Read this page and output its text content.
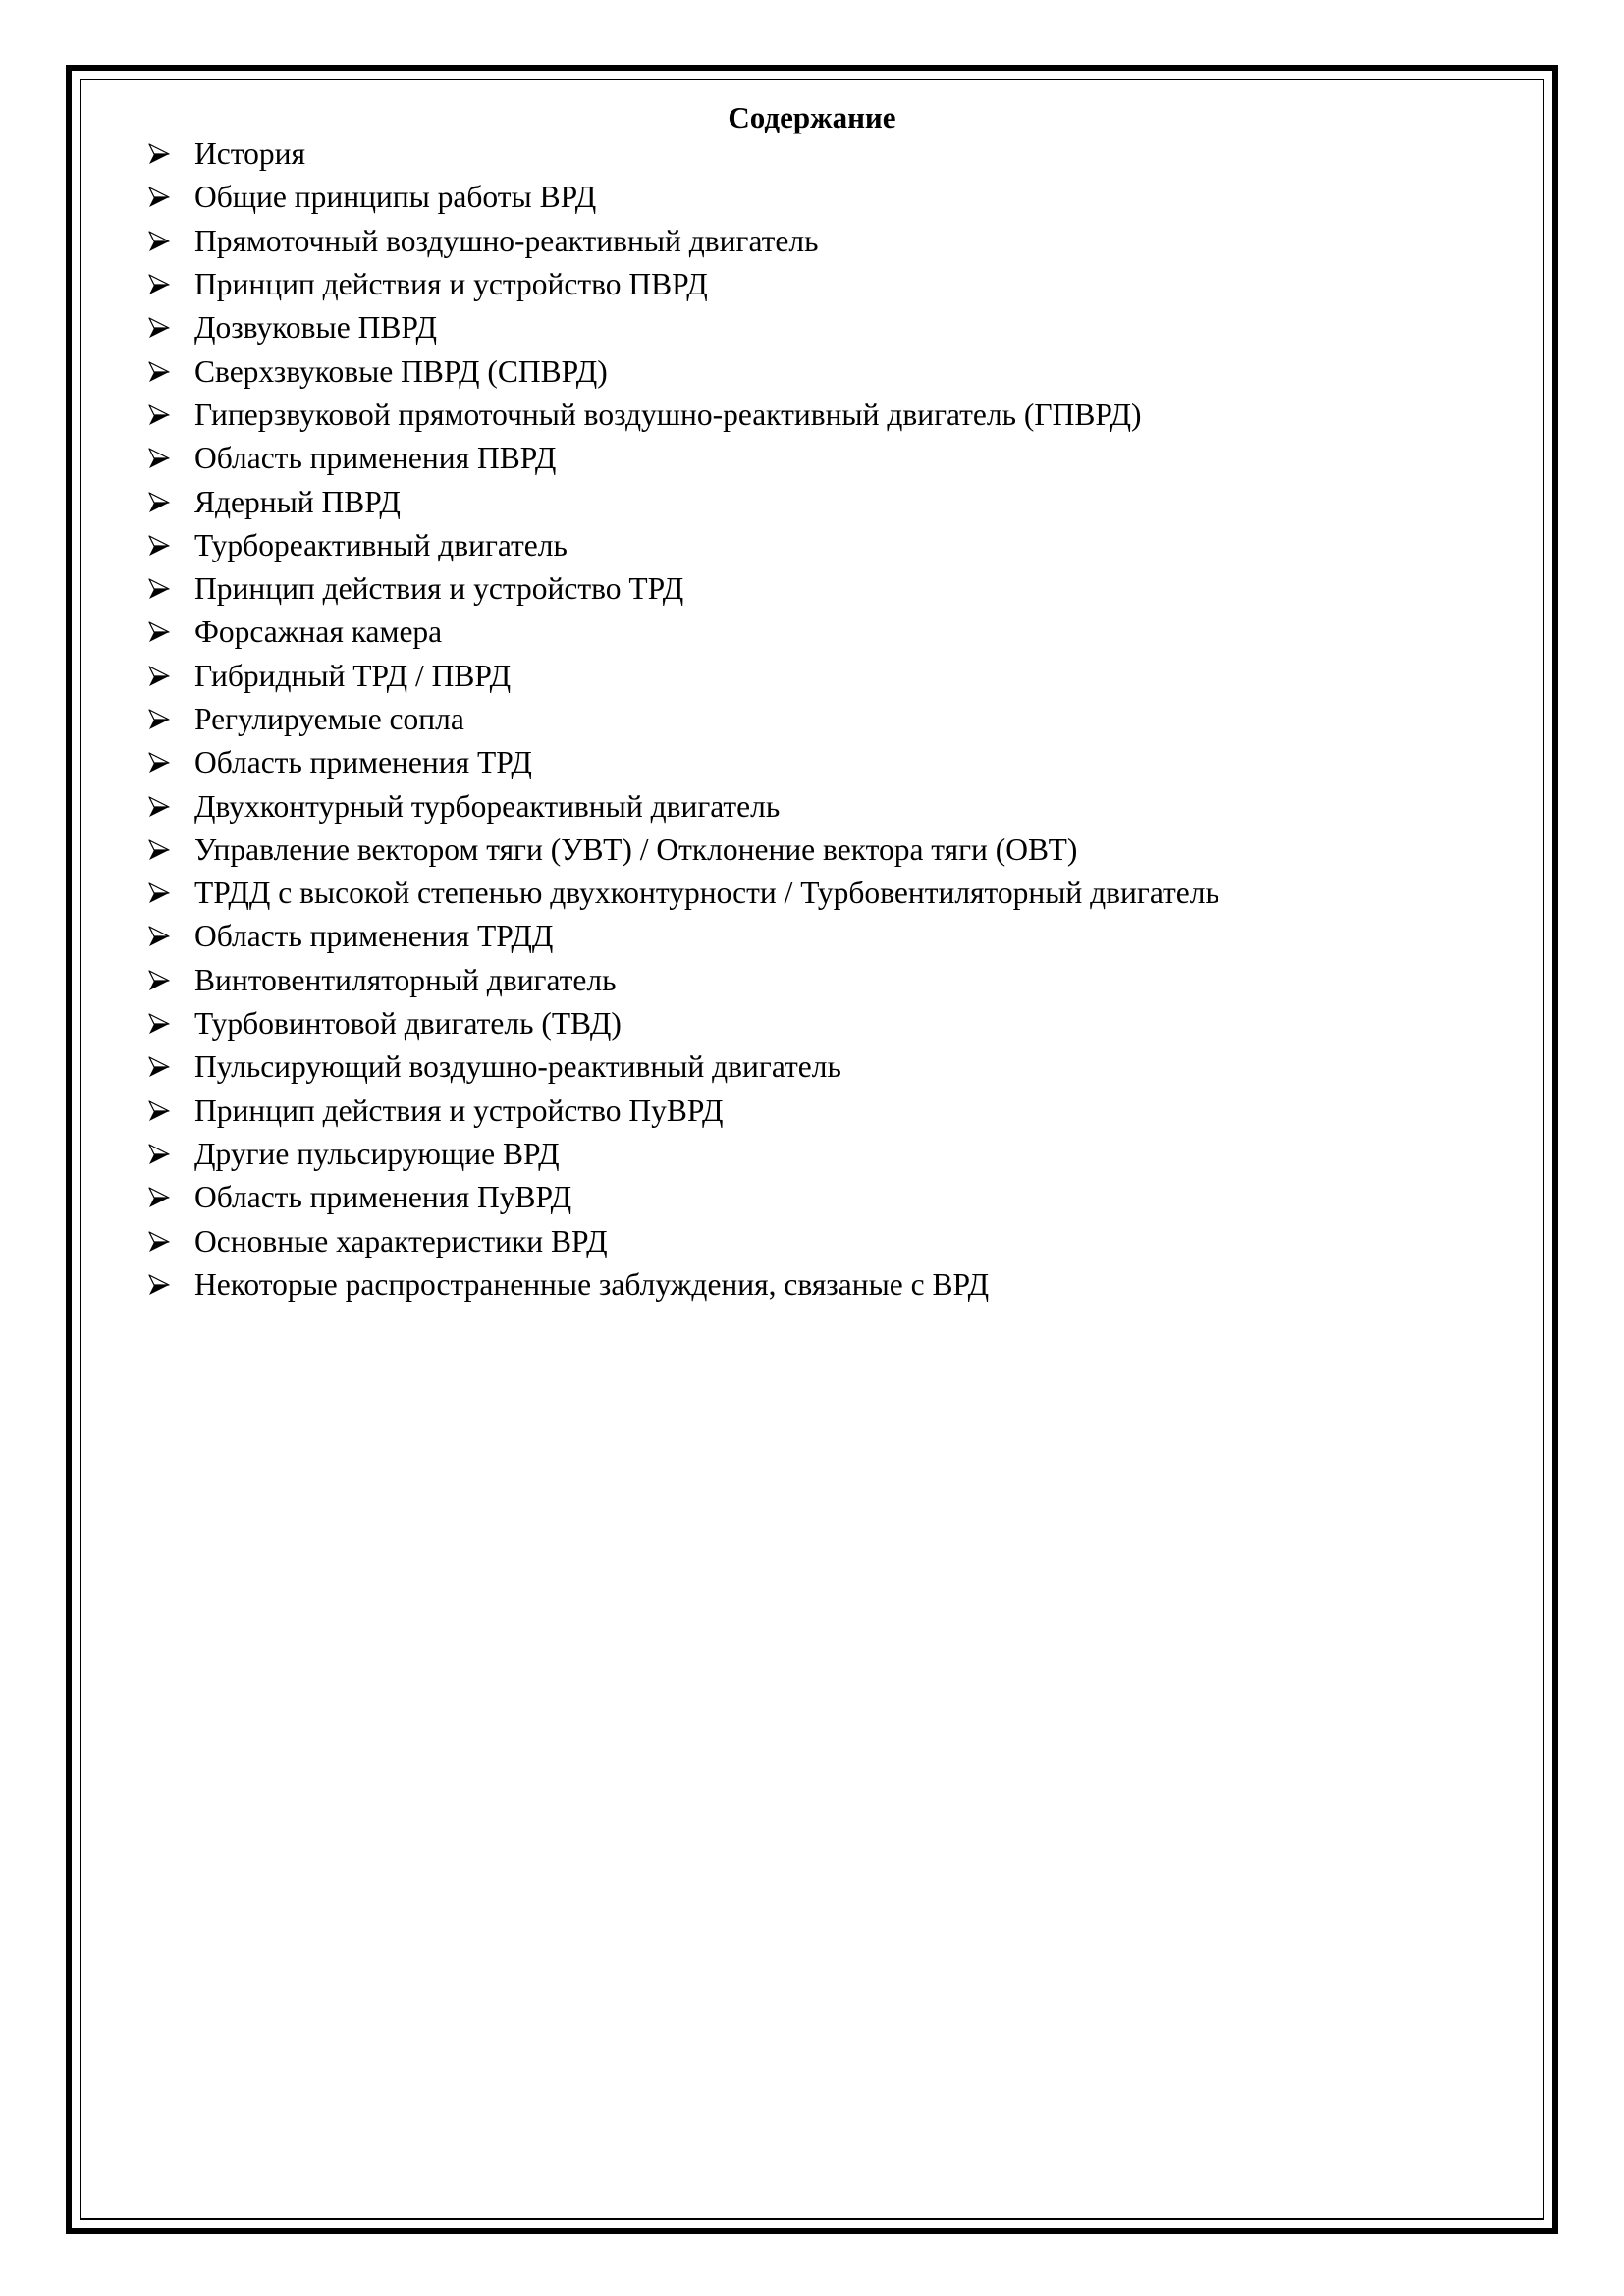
Содержание
История
Общие принципы работы ВРД
Прямоточный воздушно-реактивный двигатель
Принцип действия и устройство ПВРД
Дозвуковые ПВРД
Сверхзвуковые ПВРД (СПВРД)
Гиперзвуковой прямоточный воздушно-реактивный двигатель (ГПВРД)
Область применения ПВРД
Ядерный ПВРД
Турбореактивный двигатель
Принцип действия и устройство ТРД
Форсажная камера
Гибридный ТРД / ПВРД
Регулируемые сопла
Область применения ТРД
Двухконтурный турбореактивный двигатель
Управление вектором тяги (УВТ) / Отклонение вектора тяги (ОВТ)
ТРДД с высокой степенью двухконтурности / Турбовентиляторный двигатель
Область применения ТРДД
Винтовентиляторный двигатель
Турбовинтовой двигатель (ТВД)
Пульсирующий воздушно-реактивный двигатель
Принцип действия и устройство ПуВРД
Другие пульсирующие ВРД
Область применения ПуВРД
Основные характеристики ВРД
Некоторые распространенные заблуждения, связаные с ВРД
